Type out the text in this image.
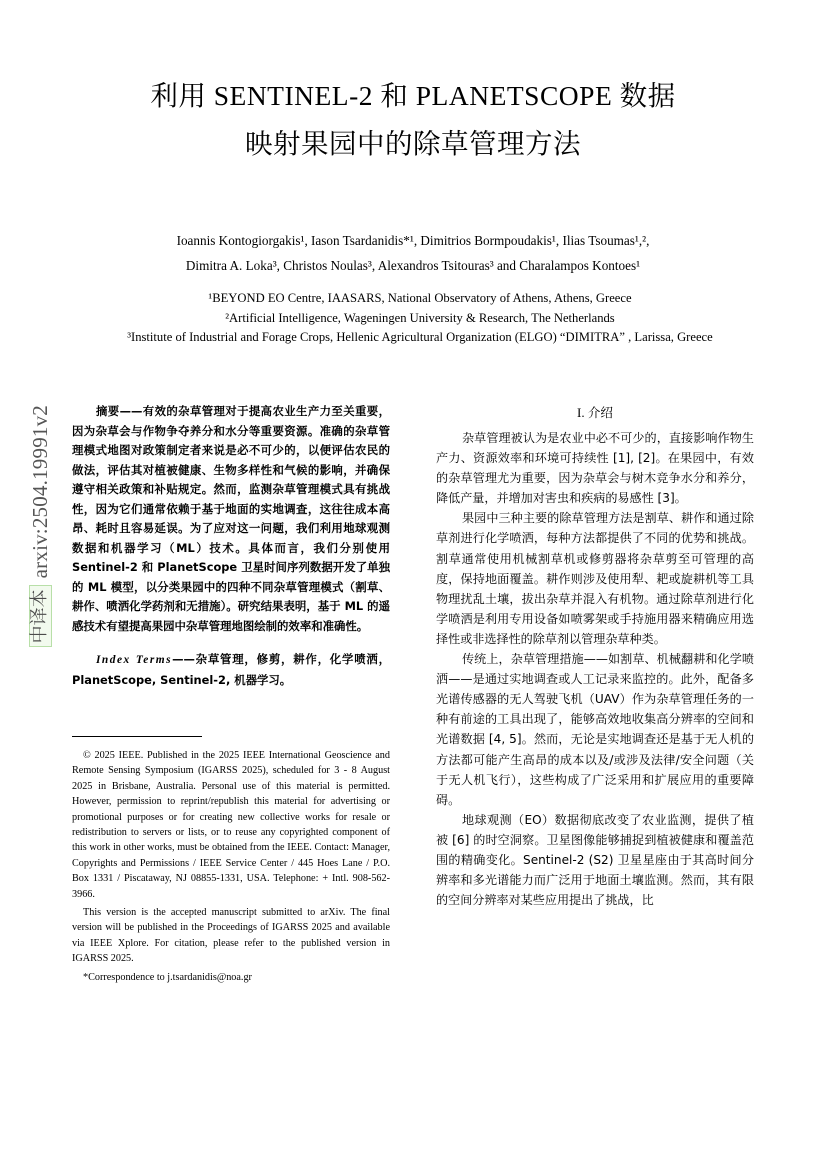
利用 SENTINEL-2 和 PLANETSCOPE 数据
映射果园中的除草管理方法
Ioannis Kontogiorgakis¹, Iason Tsardanidis*¹, Dimitrios Bormpoudakis¹, Ilias Tsoumas¹,²,
Dimitra A. Loka³, Christos Noulas³, Alexandros Tsitouras³ and Charalampos Kontoes¹
¹BEYOND EO Centre, IAASARS, National Observatory of Athens, Athens, Greece
²Artificial Intelligence, Wageningen University & Research, The Netherlands
³Institute of Industrial and Forage Crops, Hellenic Agricultural Organization (ELGO) “DIMITRA” , Larissa, Greece
arxiv:2504.19991v2
中译本
摘要——有效的杂草管理对于提高农业生产力至关重要，因为杂草会与作物争夺养分和水分等重要资源。准确的杂草管理模式地图对政策制定者来说是必不可少的，以便评估农民的做法，评估其对植被健康、生物多样性和气候的影响，并确保遵守相关政策和补贴规定。然而，监测杂草管理模式具有挑战性，因为它们通常依赖于基于地面的实地调查，这往往成本高昂、耗时且容易延误。为了应对这一问题，我们利用地球观测数据和机器学习（ML）技术。具体而言，我们分别使用 Sentinel-2 和 PlanetScope 卫星时间序列数据开发了单独的 ML 模型，以分类果园中的四种不同杂草管理模式（割草、耕作、喷洒化学药剂和无措施）。研究结果表明，基于 ML 的遥感技术有望提高果园中杂草管理地图绘制的效率和准确性。
Index Terms——杂草管理，修剪，耕作，化学喷洒，PlanetScope, Sentinel-2, 机器学习。

© 2025 IEEE. Published in the 2025 IEEE International Geoscience and Remote Sensing Symposium (IGARSS 2025), scheduled for 3 - 8 August 2025 in Brisbane, Australia. Personal use of this material is permitted. However, permission to reprint/republish this material for advertising or promotional purposes or for creating new collective works for resale or redistribution to servers or lists, or to reuse any copyrighted component of this work in other works, must be obtained from the IEEE. Contact: Manager, Copyrights and Permissions / IEEE Service Center / 445 Hoes Lane / P.O. Box 1331 / Piscataway, NJ 08855-1331, USA. Telephone: + Intl. 908-562-3966.

This version is the accepted manuscript submitted to arXiv. The final version will be published in the Proceedings of IGARSS 2025 and available via IEEE Xplore. For citation, please refer to the published version in IGARSS 2025.

*Correspondence to j.tsardanidis@noa.gr

I. 介绍

杂草管理被认为是农业中必不可少的，直接影响作物生产力、资源效率和环境可持续性 [1], [2]。在果园中，有效的杂草管理尤为重要，因为杂草会与树木竞争水分和养分，降低产量，并增加对害虫和疾病的易感性 [3]。

果园中三种主要的除草管理方法是割草、耕作和通过除草剂进行化学喷洒，每种方法都提供了不同的优势和挑战。割草通常使用机械割草机或修剪器将杂草剪至可管理的高度，保持地面覆盖。耕作则涉及使用犁、耙或旋耕机等工具物理扰乱土壤，拔出杂草并混入有机物。通过除草剂进行化学喷洒是利用专用设备如喷雾架或手持施用器来精确应用选择性或非选择性的除草剂以管理杂草种类。

传统上，杂草管理措施——如割草、机械翻耕和化学喷洒——是通过实地调查或人工记录来监控的。此外，配备多光谱传感器的无人驾驶飞机（UAV）作为杂草管理任务的一种有前途的工具出现了，能够高效地收集高分辨率的空间和光谱数据 [4, 5]。然而，无论是实地调查还是基于无人机的方法都可能产生高昂的成本以及/或涉及法律/安全问题（关于无人机飞行），这些构成了广泛采用和扩展应用的重要障碍。

地球观测（EO）数据彻底改变了农业监测，提供了植被 [6] 的时空洞察。卫星图像能够捕捉到植被健康和覆盖范围的精确变化。Sentinel-2 (S2) 卫星星座由于其高时间分辨率和多光谱能力而广泛用于地面土壤监测。然而，其有限的空间分辨率对某些应用提出了挑战，比
